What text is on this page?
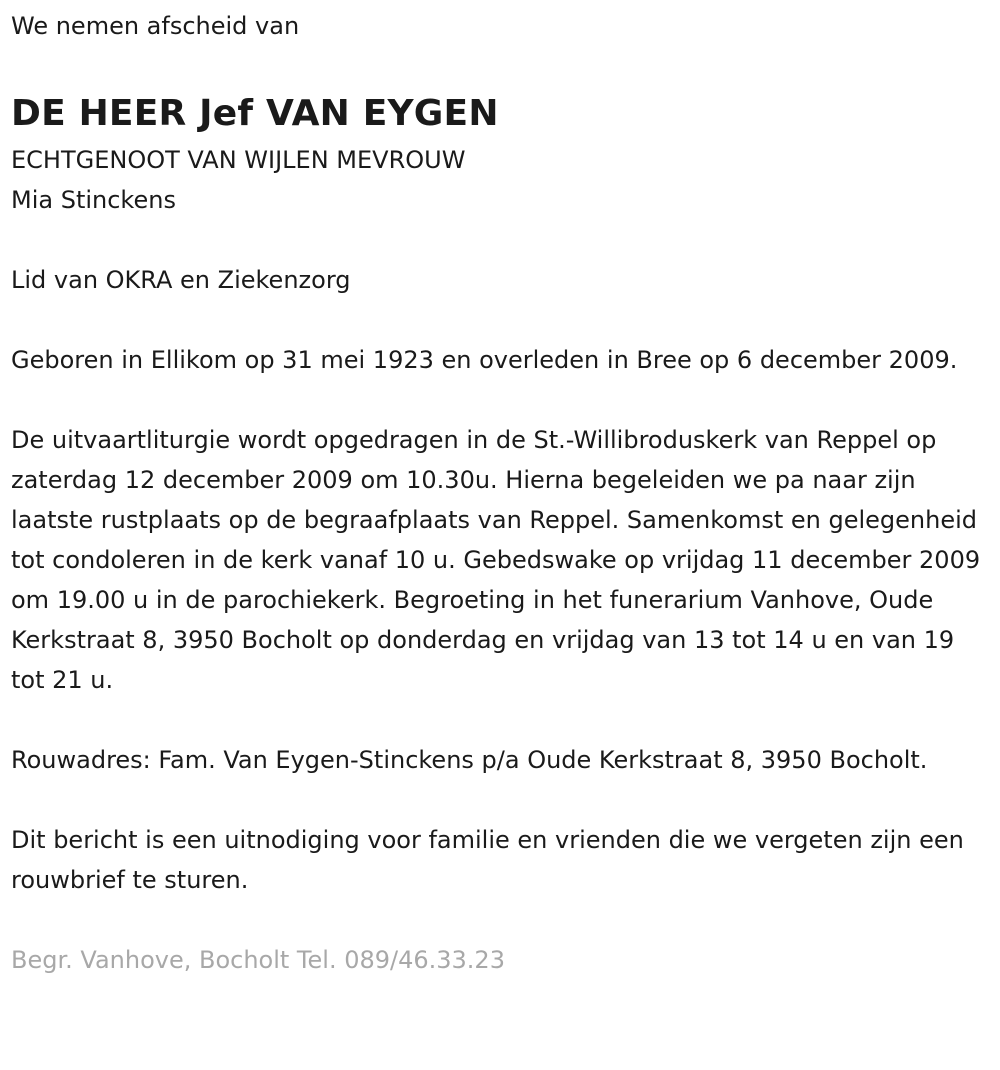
We nemen afscheid van

DE HEER Jef VAN EYGEN

ECHTGENOOT VAN WIJLEN MEVROUW

Mia Stinckens

Lid van OKRA en Ziekenzorg

Geboren in Ellikom op 31 mei 1923 en overleden in Bree op 6 december 2009.

De uitvaartliturgie wordt opgedragen in de St.-Willibroduskerk van Reppel op zaterdag 12 december 2009 om 10.30u. Hierna begeleiden we pa naar zijn laatste rustplaats op de begraafplaats van Reppel. Samenkomst en gelegenheid tot condoleren in de kerk vanaf 10 u. Gebedswake op vrijdag 11 december 2009 om 19.00 u in de parochiekerk. Begroeting in het funerarium Vanhove, Oude Kerkstraat 8, 3950 Bocholt op donderdag en vrijdag van 13 tot 14 u en van 19 tot 21 u.

Rouwadres: Fam. Van Eygen-Stinckens p/a Oude Kerkstraat 8, 3950 Bocholt.

Dit bericht is een uitnodiging voor familie en vrienden die we vergeten zijn een rouwbrief te sturen.

Begr. Vanhove, Bocholt Tel. 089/46.33.23
